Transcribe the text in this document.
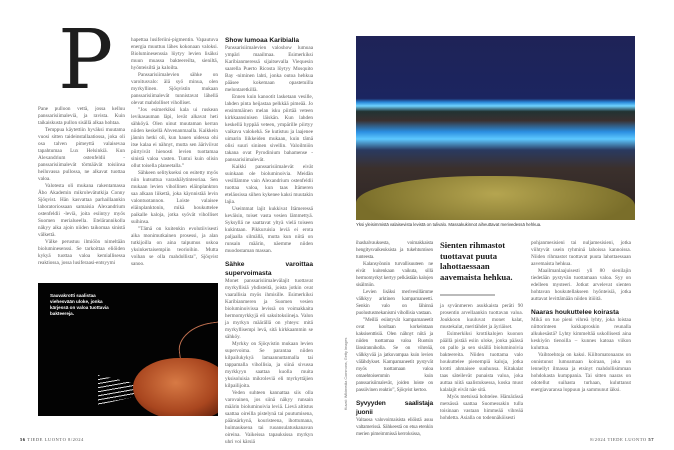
P

Pane pulloon vettä, jossa kelluu panssarisiimaleviä, ja ravista. Kuin taikaiskusta pullon sisällä alkaa hohtaa.

Temppua käytettiin hyväksi muutama vuosi sitten taideinstallaatiossa, joka oli osa talven pimeyttä valaisevaa tapahtumaa Lux Helsinkiä. Kun Alexandrium ostenfeldii -panssarisiimalevät törmäävät toisiinsa heiluvassa pullossa, ne alkavat tuottaa valoa.

Valotesta oli mukana rakentamassa Åbo Akademin mikrolevätutkija Conny Sjöqvist. Hän kasvattaa parhaillaankin laboratoriossaan samaisia Alexandrium ostenfeldii -leviä, joita esiintyy myös Suomen merialueella. Etelärannikolla näkyy aika ajoin niiden taikomaa sinistä välkettä.

Välke perustuu ilmiöön nimeltään bioluminesenssi. Se tarkoittaa eliöiden kykyä tuottaa valoa kemiallisessa reaktiossa, jossa lusiferaasi-entsyymi

hapettaa lusiferiini-pigmentin. Vapautuva energia muuttuu lähes kokonaan valoksi. Bioluminesenssia löytyy levien lisäksi muun muassa bakteereilta, sieniltä, hyönteisiltä ja kaloilta.

Panssarisiimalevien sähke on varoitusvalo: älä syö minua, olen myrkyllinen. Sjöqvistin mukaan panssarisiimalevät tunnistavat lähellä olevat mahdolliset viholliset.

”Jos esimerkiksi kala ui ruskean levikasauman läpi, levät alkavat heti sähköyä. Olen uinut muutaman kerran niiden keskellä Ahvenanmaalla. Kaikkein jännin hetki oli, kun hauen uidessa ohi itse kalaa ei nähnyt, mutta sen ääriviivat piirtyivät hienosti levien tuottamaa sinistä valoa vasten. Tuntui kuin olisin ollut toisella planeetalla.”

Sähkeen selitykseksi on esitetty myös niin kutsuttua varashälytinteoriaa. Sen mukaan levien vihollinen eläinplankton saa alkaan liikettä, joka käynnistää levin valontuotannon. Loiste valaisee eläinplanktonin, mikä houkuttelee paikalle kaloja, jotka syövät viholliset suihinsa.

”Tämä on kuitenkin evolutiivisesti aika monimutkainen prosessi, ja alan tutkijoilla on aina taipumus uskoa yksinkertaisempiin teorioihin. Mutta voihan se olla mahdollista”, Sjöqvist sanoo.

Show lumoaa Karibialla

Panssarisiimalevien valoshow lumoaa ympäri maailmaa. Esimerkiksi Karibianmeressä sijaitsevalla Viequesin saarella Puerto Ricosta löytyy Mosquito Bay -niminen lahti, jonka outoa hehkua pääsee kokemaan opastetuilla melontaretkillä.

Ennen kuin kanootit lasketaan vesille, lahden pinta heijastaa pelkkää pimeää. Jo ensimmäinen melan isku piirtää veteen kirkkaansinisen läiskän. Kun lahden keskellä hyppää veteen, ympärille piirtyy vaikava valokehä. Se kutistuu ja laajenee uimarin liikkeiden mukaan, kuin tämä olisi suuri sininen sivellin. Valoilmiön takana ovat Pyrodinium bahamense -panssarisiimalevät.

Kaikki panssarisiimalevät eivät suinkaan ole bioluminoivia. Meidän vesillämme vain Alexandrium ostenfeldii tuottaa valoa, kun taas Itämeren eteläosissa siihen kykenee kaksi muutakin lajia.

Useimmat lajit kukkivat Itämeressä keväisin, toiset vasta vesien lämmettyä. Syksyllä ne saattavat yltyä vielä toiseen kukintaan. Pikkuruisia leviä ei erota paljaalla silmällä, mutta kun niitä on runsain määrin, näemme niiden muodostaman massan.

Sähke varoittaa supervoimasta

Monet panssarisiimalevälajit tuottavat myrkyllisiä yhdisteitä, joista jotkin ovat vaarallisia myös ihmisille. Esimerkiksi Karibianmeren ja Suomen vesien bioluminoivissa levissä on voimakkaita hermomyrkkyjä eli saksitoksiineja. Valon ja myrkyn määrällä on yhteys: mitä myrkyllisempi levä, sitä kirkkaammin se sähköy.

Myrkky on Sjöqvistin mukaan levien supervoima. Se parantaa niiden kilpailukykyä lamaannuttamalla tai tappamalla vihollisia, ja siinä sivussa myrkkyyn saattaa kuolla muita yksisoluisia mikroleviä eli myrkyttäjien kilpailijoita.

Veden suhteen kannattaa siis olla varovainen, jos siinä näkyy runsain määrin bioluminoivia leviä. Lievä altistus saattaa oireilla pistelynä tai puutumisena, päänsärkynä, kouristeena, ihottumana, huimauksena tai ruoansulatuskanavan oireina. Vaikeissa tapauksissa myrkyn uhri voi kärsiä

Sauvakrotti saalistaa viehesvään uloke, jonka kärjessä on valoa tuottavia bakteereja.
56 TIEDE LUONTO 8/2024
Yksi yleisimmistä valaisevista levistä on tulivalo. Massakukinnot aiheuttavat merivedessä hehkua.

ihashalvauksesta, voimakkaista hengitysvaikeuksista ja tukehtumisen tunteesta.

Kalansyönnin turvallisuuteen ne eivät kuitenkaan vaikuta, sillä hermomyrkyt kertyy pelkästään kalojen sisälmiin.

Levien lisäksi merivesillämme välkkyy arktinen kampamaneetti. Senkin valo on lähinnä puolustusmekanismi vihollisia vastaan.

”Meillä esiintyvät kampamaneetit ovat kooltaan korkeintaan kaksisenttisiä. Olen nähnyt niitä ja niiden tuottamaa valoa Ruotsin länsirannikolla. Se on vihreää, välkkyvää ja jatkuvampaa kuin levien välähdykset. Kampamaneetit pystyvät myös tuottamaan valoa omaehtoisemmin kuin panssarisiimalevät, joiden loiste on passiivinen reaktio”, Sjöqvist kertoo.

Syvyyden saalistaja juonii

Valtaosa valovoimaisista eliöistä asuu valtamerissä. Sähkeestä on etua etenkin merien pimeimmissä kerroksissa,

Sienten rihmastot tuottavat puuta lahottaessaan aavemaista hehkua.

ja syvänmeren asukkaista peräti 90 prosentin arvellaankin tuottavan valoa. Joukkoon kuuluvat monet kalat, mustekalat, meritähdet ja äyriäiset.

Esimerkiksi krottikalojen kuonon päällä pistää esiin uloke, jonka päässä on pallo ja sen sisällä bioluminoivia bakteereita. Niiden tuottama valo houkuttelee pienempiä kaloja, jotka krotti ahmaisee suuhunsa. Kitakalat taas säteilevät punaista valoa, joka auttaa niitä saalistuksessa, koska muut kalalajit eivät näe sitä.

Myös metsissä hohtelee. Hämärässä metsässä saattaa Suomessakin tulla toisinaan vastaan himmeää vihreää hohdetta. Asialla on todennäköisesti

pohjanmesisieni tai nuljamesisieni, jotka viihtyvät usein ryhminä lahoissa kannoissa. Niiden rihmastot tuottavat puuta lahottaessaan aavemaista hehkua.

Maailmanlaajuisesti yli 80 sienilajin tiedetään pystyvän tuottamaan valoa. Syy on edelleen mysteeri. Jotkut arvelevat sienten hohtavan houkutellakseen hyönteisiä, jotka auttavat levittämään niiden itiöitä.

Naaras houkuttelee koirasta

Mikä on tuo pieni vihreä lyhty, joka loistaa niittorinteen kukkaproskin reunalla alkukesästä? Lyhty kimmeltää uskollisesti aina keskiyön tienoilla – kunnes katoaa viikon kuluttua.

Vaihtoehtoja on kaksi. Kiiltomatonaaras on onnistunut lumoamaan koiraan, joka on lennellyt ilmassa ja etsinyt mahdollisimman hohdokasta kumppania. Tai sitten naaras on odotellut suihasta turhaan, kuluttanut energiavaransa loppuun ja sammunut iäksi.

Kuvat: Wikimedia Commons, Getty Images
8/2024 TIEDE LUONTO 57
